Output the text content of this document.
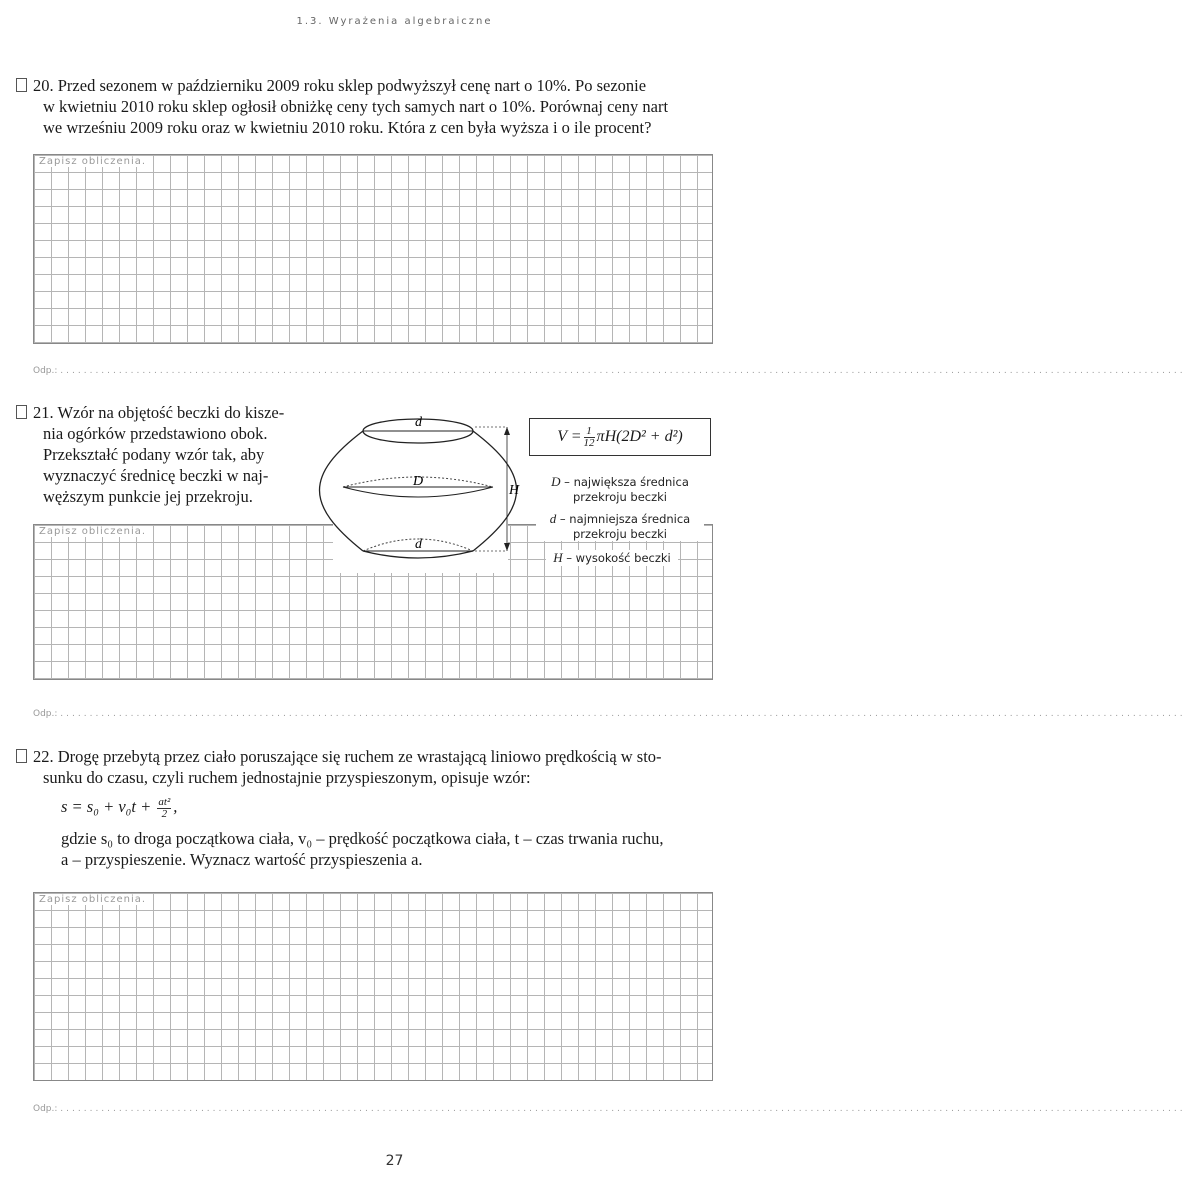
1.3. Wyrażenia algebraiczne
20. Przed sezonem w październiku 2009 roku sklep podwyższył cenę nart o 10%. Po sezonie
w kwietniu 2010 roku sklep ogłosił obniżkę ceny tych samych nart o 10%. Porównaj ceny nart
we wrześniu 2009 roku oraz w kwietniu 2010 roku. Która z cen była wyższa i o ile procent?
Zapisz obliczenia.
Odp.: ................................................................................................................................................................................................
21. Wzór na objętość beczki do kisze-
nia ogórków przedstawiono obok.
Przekształć podany wzór tak, aby
wyznaczyć średnicę beczki w naj-
węższym punkcie jej przekroju.
Zapisz obliczenia.
d
D
d
H
$V = \frac{1}{12} \pi H(2D^2 + d^2)$
D – największa średnica
przekroju beczki
d – najmniejsza średnica
przekroju beczki
H – wysokość beczki
Odp.: ................................................................................................................................................................................................
22. Drogę przebytą przez ciało poruszające się ruchem ze wrastającą liniowo prędkością w sto-
sunku do czasu, czyli ruchem jednostajnie przyspieszonym, opisuje wzór:
$s = s_0 + v_0t + \frac{\text{at²}}{2}$ ,
gdzie s₀ to droga początkowa ciała, v₀ – prędkość początkowa ciała, t – czas trwania ruchu,
a – przyspieszenie. Wyznacz wartość przyspieszenia a.
Zapisz obliczenia.
Odp.: ................................................................................................................................................................................................
27
